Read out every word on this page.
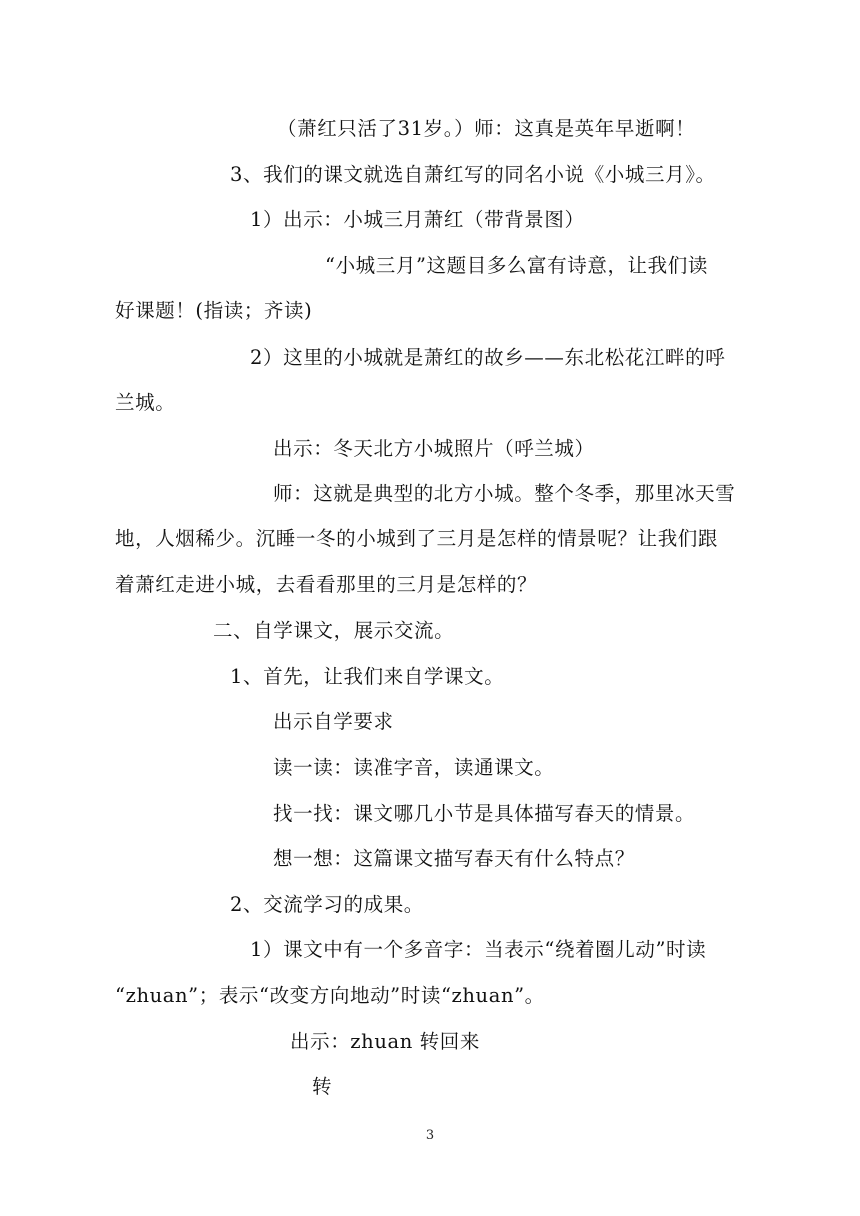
（萧红只活了31岁。）师：这真是英年早逝啊！
3、我们的课文就选自萧红写的同名小说《小城三月》。
1）出示：小城三月萧红（带背景图）
“小城三月”这题目多么富有诗意，让我们读
好课题！(指读；齐读)
2）这里的小城就是萧红的故乡——东北松花江畔的呼
兰城。
出示：冬天北方小城照片（呼兰城）
师：这就是典型的北方小城。整个冬季，那里冰天雪
地，人烟稀少。沉睡一冬的小城到了三月是怎样的情景呢？让我们跟
着萧红走进小城，去看看那里的三月是怎样的？
二、自学课文，展示交流。
1、首先，让我们来自学课文。
出示自学要求
读一读：读准字音，读通课文。
找一找：课文哪几小节是具体描写春天的情景。
想一想：这篇课文描写春天有什么特点？
2、交流学习的成果。
1）课文中有一个多音字：当表示“绕着圈儿动”时读
“zhuan”；表示“改变方向地动”时读“zhuan”。
出示：zhuan 转回来
转
3
